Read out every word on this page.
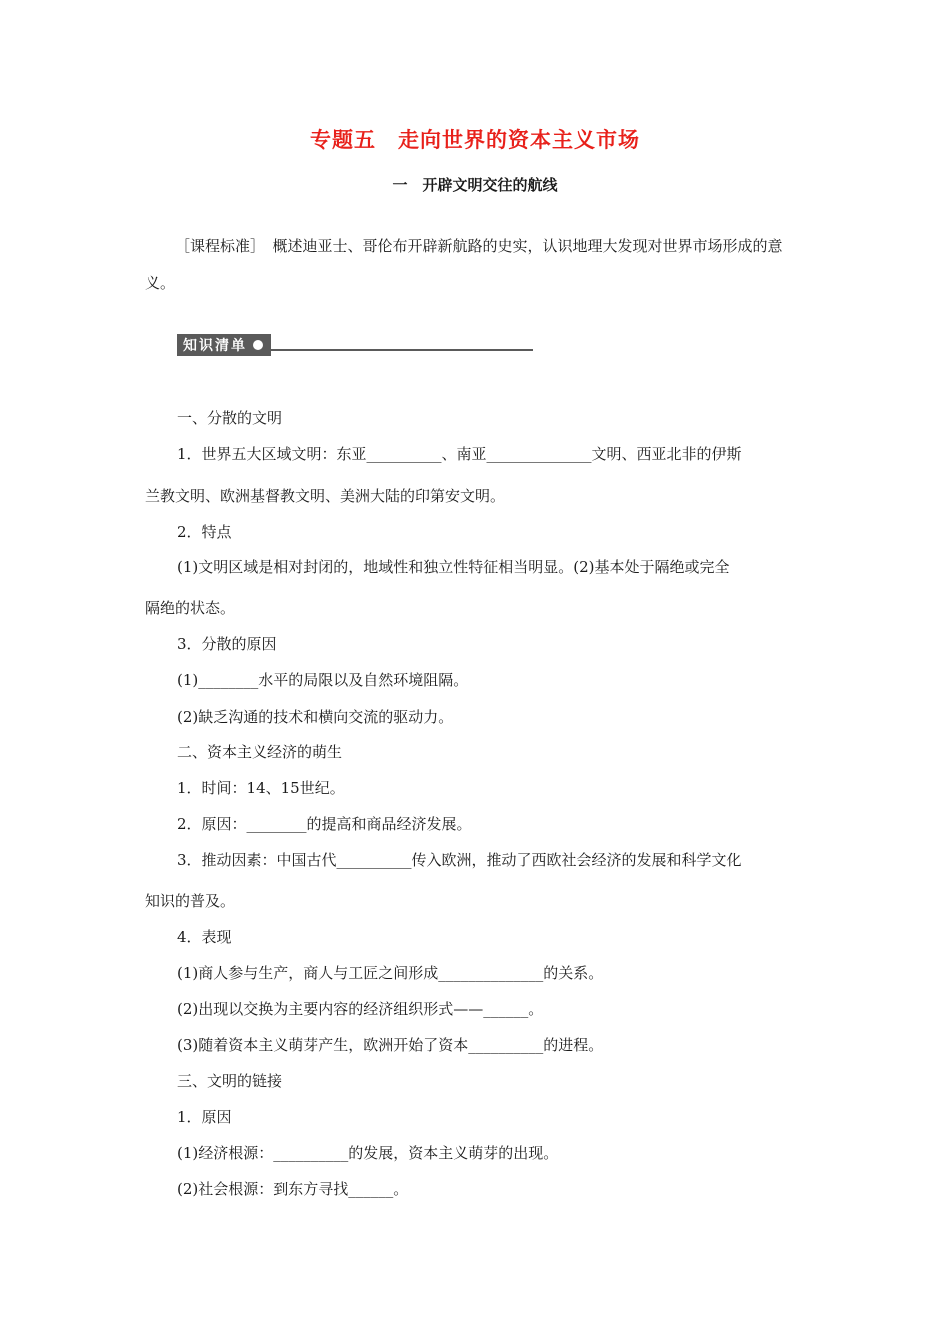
专题五　走向世界的资本主义市场
一　开辟文明交往的航线
［课程标准］　概述迪亚士、哥伦布开辟新航路的史实，认识地理大发现对世界市场形成的意义。
知识清单
一、分散的文明
1．世界五大区域文明：东亚__________、南亚______________文明、西亚北非的伊斯
兰教文明、欧洲基督教文明、美洲大陆的印第安文明。
2．特点
(1)文明区域是相对封闭的，地域性和独立性特征相当明显。(2)基本处于隔绝或完全
隔绝的状态。
3．分散的原因
(1)________水平的局限以及自然环境阻隔。
(2)缺乏沟通的技术和横向交流的驱动力。
二、资本主义经济的萌生
1．时间：14、15世纪。
2．原因：________的提高和商品经济发展。
3．推动因素：中国古代__________传入欧洲，推动了西欧社会经济的发展和科学文化
知识的普及。
4．表现
(1)商人参与生产，商人与工匠之间形成______________的关系。
(2)出现以交换为主要内容的经济组织形式——______。
(3)随着资本主义萌芽产生，欧洲开始了资本__________的进程。
三、文明的链接
1．原因
(1)经济根源：__________的发展，资本主义萌芽的出现。
(2)社会根源：到东方寻找______。
